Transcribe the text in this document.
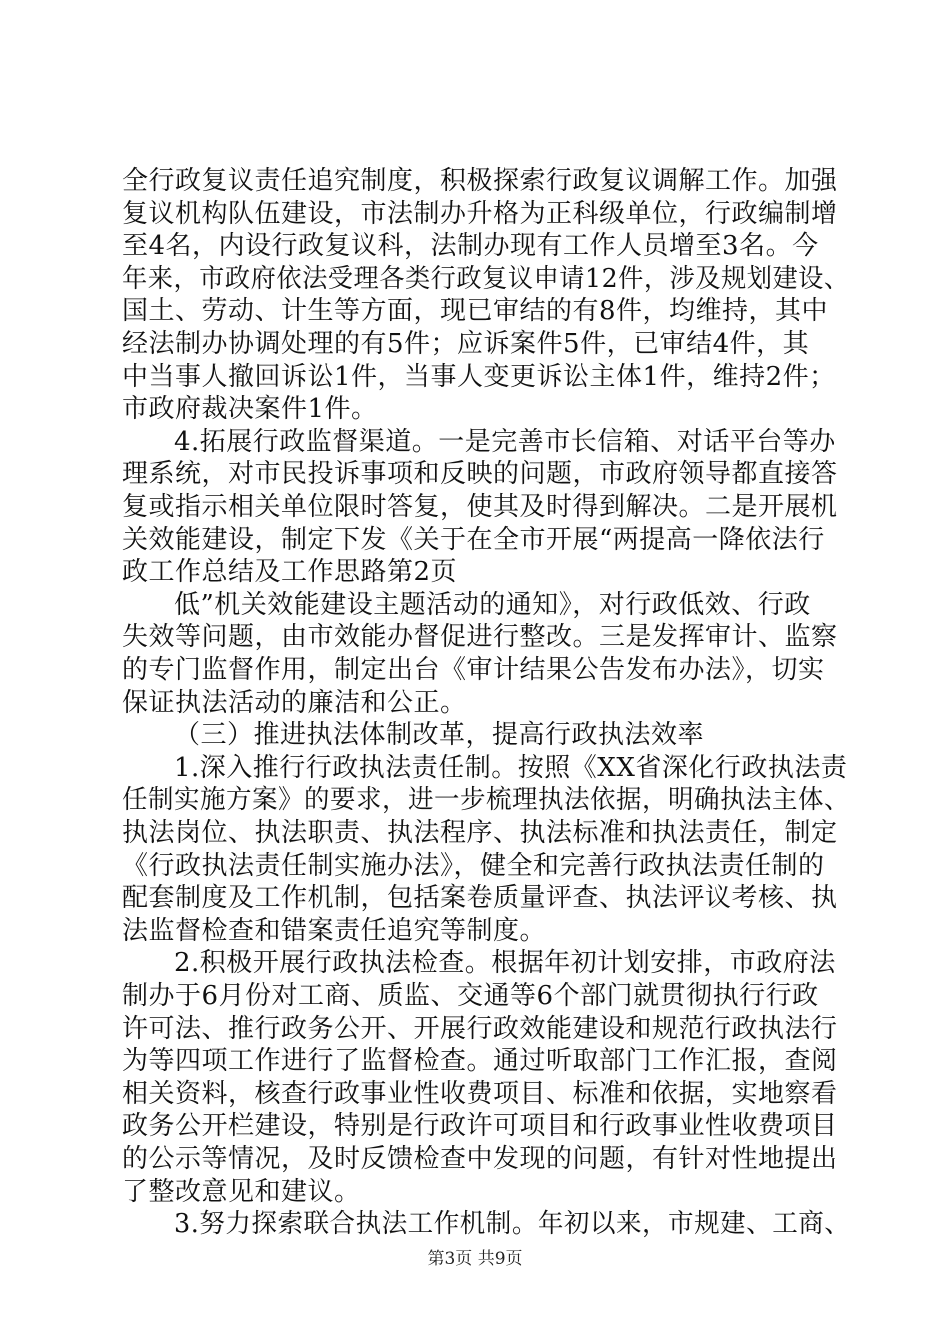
全行政复议责任追究制度，积极探索行政复议调解工作。加强
复议机构队伍建设，市法制办升格为正科级单位，行政编制增
至4名，内设行政复议科，法制办现有工作人员增至3名。今
年来，市政府依法受理各类行政复议申请12件，涉及规划建设、
国土、劳动、计生等方面，现已审结的有8件，均维持，其中
经法制办协调处理的有5件；应诉案件5件，已审结4件，其
中当事人撤回诉讼1件，当事人变更诉讼主体1件，维持2件；
市政府裁决案件1件。
4.拓展行政监督渠道。一是完善市长信箱、对话平台等办
理系统，对市民投诉事项和反映的问题，市政府领导都直接答
复或指示相关单位限时答复，使其及时得到解决。二是开展机
关效能建设，制定下发《关于在全市开展“两提高一降依法行
政工作总结及工作思路第2页
低”机关效能建设主题活动的通知》，对行政低效、行政
失效等问题，由市效能办督促进行整改。三是发挥审计、监察
的专门监督作用，制定出台《审计结果公告发布办法》，切实
保证执法活动的廉洁和公正。
（三）推进执法体制改革，提高行政执法效率
1.深入推行行政执法责任制。按照《XX省深化行政执法责
任制实施方案》的要求，进一步梳理执法依据，明确执法主体、
执法岗位、执法职责、执法程序、执法标准和执法责任，制定
《行政执法责任制实施办法》，健全和完善行政执法责任制的
配套制度及工作机制，包括案卷质量评查、执法评议考核、执
法监督检查和错案责任追究等制度。
2.积极开展行政执法检查。根据年初计划安排，市政府法
制办于6月份对工商、质监、交通等6个部门就贯彻执行行政
许可法、推行政务公开、开展行政效能建设和规范行政执法行
为等四项工作进行了监督检查。通过听取部门工作汇报，查阅
相关资料，核查行政事业性收费项目、标准和依据，实地察看
政务公开栏建设，特别是行政许可项目和行政事业性收费项目
的公示等情况，及时反馈检查中发现的问题，有针对性地提出
了整改意见和建议。
3.努力探索联合执法工作机制。年初以来，市规建、工商、
第3页 共9页
